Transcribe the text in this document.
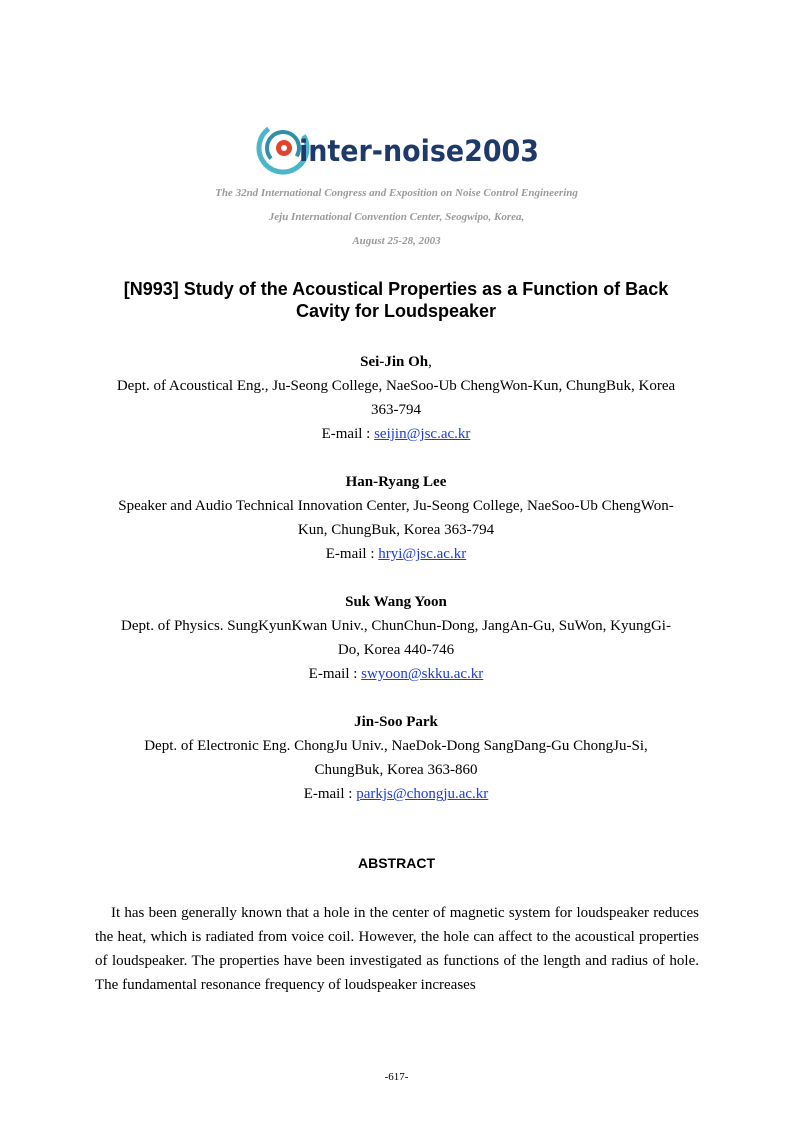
inter-noise2003
The 32nd International Congress and Exposition on Noise Control Engineering
Jeju International Convention Center, Seogwipo, Korea,
August 25-28, 2003
[N993] Study of the Acoustical Properties as a Function of Back
Cavity for Loudspeaker
Sei-Jin Oh,
Dept. of Acoustical Eng., Ju-Seong College, NaeSoo-Ub ChengWon-Kun, ChungBuk, Korea
363-794
E-mail : seijin@jsc.ac.kr
Han-Ryang Lee
Speaker and Audio Technical Innovation Center, Ju-Seong College, NaeSoo-Ub ChengWon-
Kun, ChungBuk, Korea 363-794
E-mail : hryi@jsc.ac.kr
Suk Wang Yoon
Dept. of Physics. SungKyunKwan Univ., ChunChun-Dong, JangAn-Gu, SuWon, KyungGi-
Do, Korea 440-746
E-mail : swyoon@skku.ac.kr
Jin-Soo Park
Dept. of Electronic Eng. ChongJu Univ., NaeDok-Dong SangDang-Gu ChongJu-Si,
ChungBuk, Korea 363-860
E-mail : parkjs@chongju.ac.kr
ABSTRACT

It has been generally known that a hole in the center of magnetic system for loudspeaker reduces the heat, which is radiated from voice coil. However, the hole can affect to the acoustical properties of loudspeaker. The properties have been investigated as functions of the length and radius of hole. The fundamental resonance frequency of loudspeaker increases

-617-
